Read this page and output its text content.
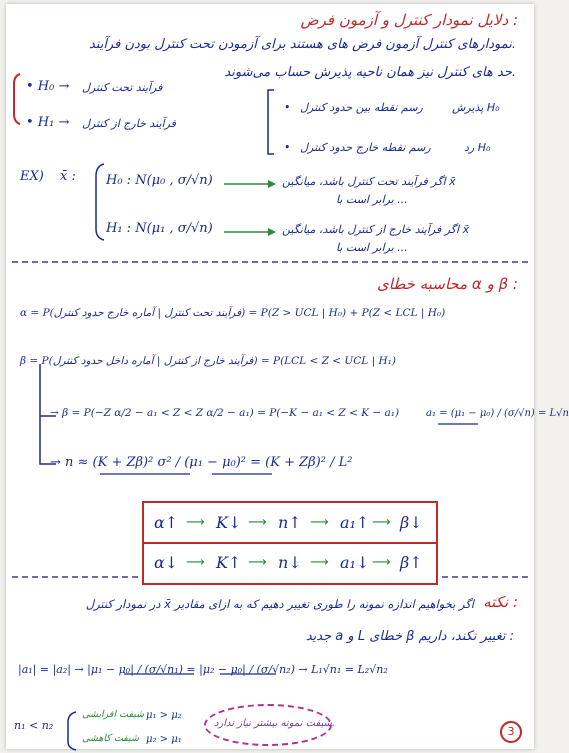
دلایل نمودار کنترل و آزمون فرض :
نمودارهای کنترل آزمون فرض های هستند برای آزمودن تحت کنترل بودن فرآیند.
حد های کنترل نیز همان ناحیه پذیرش حساب می‌شوند.
• H₀ → فرآیند تحت کنترل
• H₁ → فرآیند خارج از کنترل
• رسم نقطه بین حدود کنترل	پذیرش H₀
• رسم نقطه خارج حدود کنترل	رد H₀
EX) x̄ : H₀ : N(μ₀ , σ/√n)
H₁ : N(μ₁ , σ/√n)
اگر فرآیند تحت کنترل باشد، میانگین x̄
برابر است با ...
اگر فرآیند خارج از کنترل باشد، میانگین x̄
برابر است با ...
محاسبه خطای α و β :
α = P(فرآیند تحت کنترل | آماره خارج حدود کنترل) = P(Z > UCL | H₀) + P(Z < LCL | H₀)
β = P(فرآیند خارج از کنترل | آماره داخل حدود کنترل) = P(LCL < Z < UCL | H₁)
→ β = P(−Z α/2 − a₁ < Z < Z α/2 − a₁) = P(−K − a₁ < Z < K − a₁)	a₁ = (μ₁ − μ₀) / (σ/√n) = L√n
→ n ≈ (K + Zβ)² σ² / (μ₁ − μ₀)² = (K + Zβ)² / L²
α↑ ⟶ K↓ ⟶ n↑ ⟶ a₁↑ ⟶ β↓
α↓ ⟶ K↑ ⟶ n↓ ⟶ a₁↓ ⟶ β↑
نکته :
در نمودار کنترل x̄ اگر بخواهیم اندازه نمونه را طوری تغییر دهیم که به ازای مقادیر
جدید a و L خطای β تغییر نکند، داریم :
|a₁| = |a₂| → |μ₁ − μ₀| / (σ/√n₁) = |μ₂ − μ₀| / (σ/√n₂) → L₁√n₁ = L₂√n₂
n₁ < n₂
شیفت افزایشی μ₁ > μ₂
شیفت کاهشی μ₂ > μ₁
شیفت نمونه بیشتر نیاز ندارد.
3
